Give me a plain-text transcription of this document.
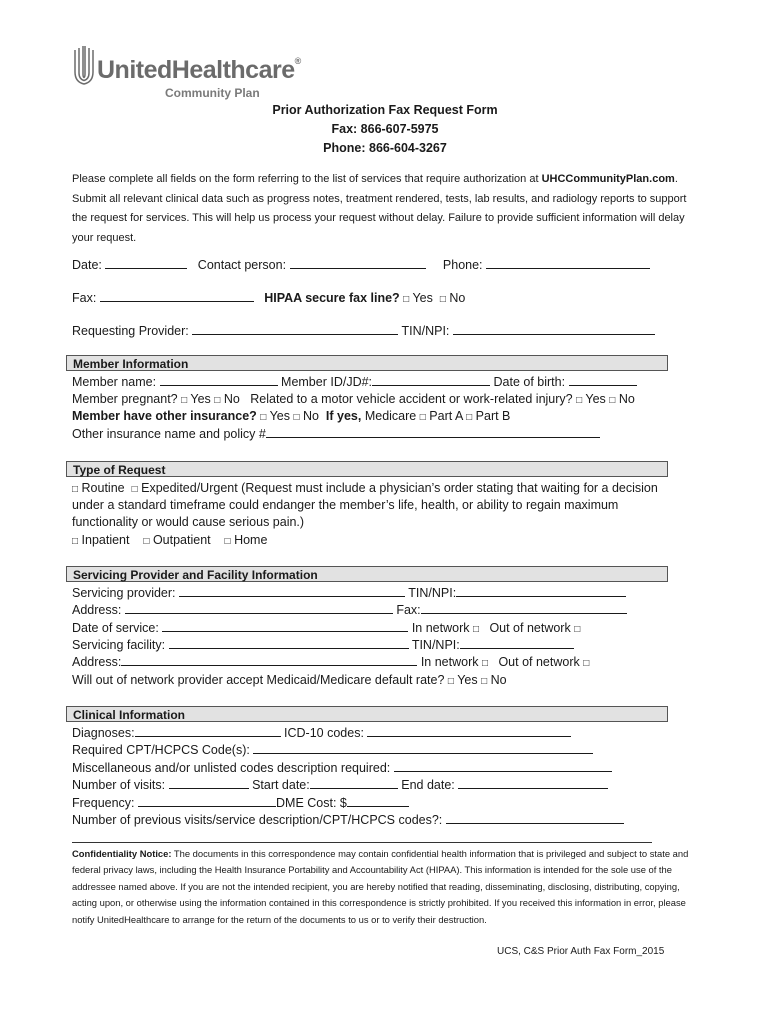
UnitedHealthcare®
Community Plan
Prior Authorization Fax Request Form
Fax: 866-607-5975
Phone: 866-604-3267
Please complete all fields on the form referring to the list of services that require authorization at UHCCommunityPlan.com. Submit all relevant clinical data such as progress notes, treatment rendered, tests, lab results, and radiology reports to support the request for services. This will help us process your request without delay. Failure to provide sufficient information will delay your request.
Date:	Contact person:	Phone:
Fax:	HIPAA secure fax line? □ Yes □ No
Requesting Provider:	TIN/NPI:
Member Information
Member name:	Member ID/JD#:	Date of birth:
Member pregnant? □ Yes □ No Related to a motor vehicle accident or work-related injury? □ Yes □ No
Member have other insurance? □ Yes □ No If yes, Medicare □ Part A □ Part B
Other insurance name and policy #
Type of Request
□ Routine □ Expedited/Urgent (Request must include a physician’s order stating that waiting for a decision
under a standard timeframe could endanger the member’s life, health, or ability to regain maximum
functionality or would cause serious pain.)
□ Inpatient □ Outpatient □ Home
Servicing Provider and Facility Information
Servicing provider:	TIN/NPI:
Address:	Fax:
Date of service:	In network □ Out of network □
Servicing facility:	TIN/NPI:
Address:	In network □ Out of network □
Will out of network provider accept Medicaid/Medicare default rate? □ Yes □ No
Clinical Information
Diagnoses:	ICD-10 codes:
Required CPT/HCPCS Code(s):
Miscellaneous and/or unlisted codes description required:
Number of visits:	Start date:	End date:
Frequency:	DME Cost: $
Number of previous visits/service description/CPT/HCPCS codes?:
Confidentiality Notice: The documents in this correspondence may contain confidential health information that is privileged and subject to state and federal privacy laws, including the Health Insurance Portability and Accountability Act (HIPAA). This information is intended for the sole use of the addressee named above. If you are not the intended recipient, you are hereby notified that reading, disseminating, disclosing, distributing, copying, acting upon, or otherwise using the information contained in this correspondence is strictly prohibited. If you received this information in error, please notify UnitedHealthcare to arrange for the return of the documents to us or to verify their destruction.
UCS, C&S Prior Auth Fax Form_2015
